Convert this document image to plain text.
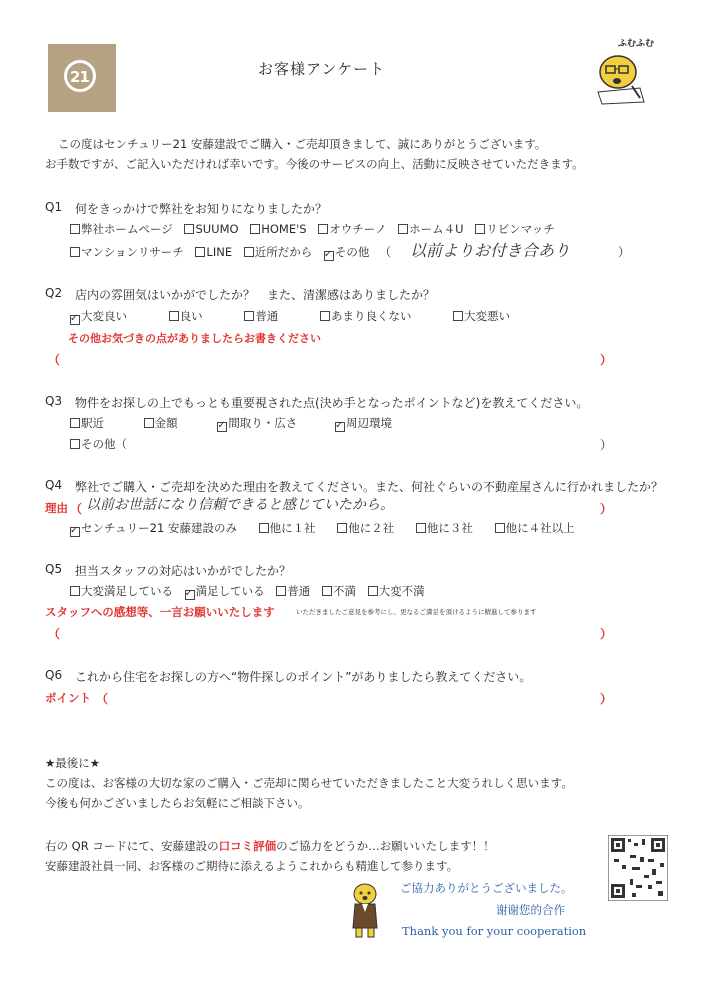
21	お客様アンケート
ふむふむ
この度はセンチュリー21 安藤建設でご購入・ご売却頂きまして、誠にありがとうございます。
お手数ですが、ご記入いただければ幸いです。今後のサービスの向上、活動に反映させていただきます。
Q1 何をきっかけで弊社をお知りになりましたか？
弊社ホームページ SUUMO HOME'S オウチーノ ホーム４U リビンマッチ
マンションリサーチ LINE 近所だから ✓ その他 （ 以前よりお付き合あり	）
Q2 店内の雰囲気はいかがでしたか？　また、清潔感はありましたか？
✓ 大変良い	良い	普通	あまり良くない	大変悪い
その他お気づきの点がありましたらお書きください
（	）
Q3 物件をお探しの上でもっとも重要視された点(決め手となったポイントなど)を教えてください。
駅近	金額	✓ 間取り・広さ	✓ 周辺環境
その他（	）
Q4 弊社でご購入・ご売却を決めた理由を教えてください。また、何社ぐらいの不動産屋さんに行かれましたか？
理由 （ 以前お世話になり信頼できると感じていたから。	）
✓ センチュリー21 安藤建設のみ	他に１社	他に２社	他に３社	他に４社以上
Q5 担当スタッフの対応はいかがでしたか？
大変満足している ✓ 満足している 普通 不満 大変不満
スタッフへの感想等、一言お願いいたします	いただきましたご意見を参考にし、更なるご満足を頂けるように精進して参ります
（	）
Q6 これから住宅をお探しの方へ“物件探しのポイント”がありましたら教えてください。
ポイント （	）
★最後に★
この度は、お客様の大切な家のご購入・ご売却に関らせていただきましたこと大変うれしく思います。
今後も何かございましたらお気軽にご相談下さい。
右の QR コードにて、安藤建設の口コミ評価のご協力をどうか…お願いいたします！！
安藤建設社員一同、お客様のご期待に添えるようこれからも精進して参ります。
ご協力ありがとうございました。
谢谢您的合作
Thank you for your cooperation
